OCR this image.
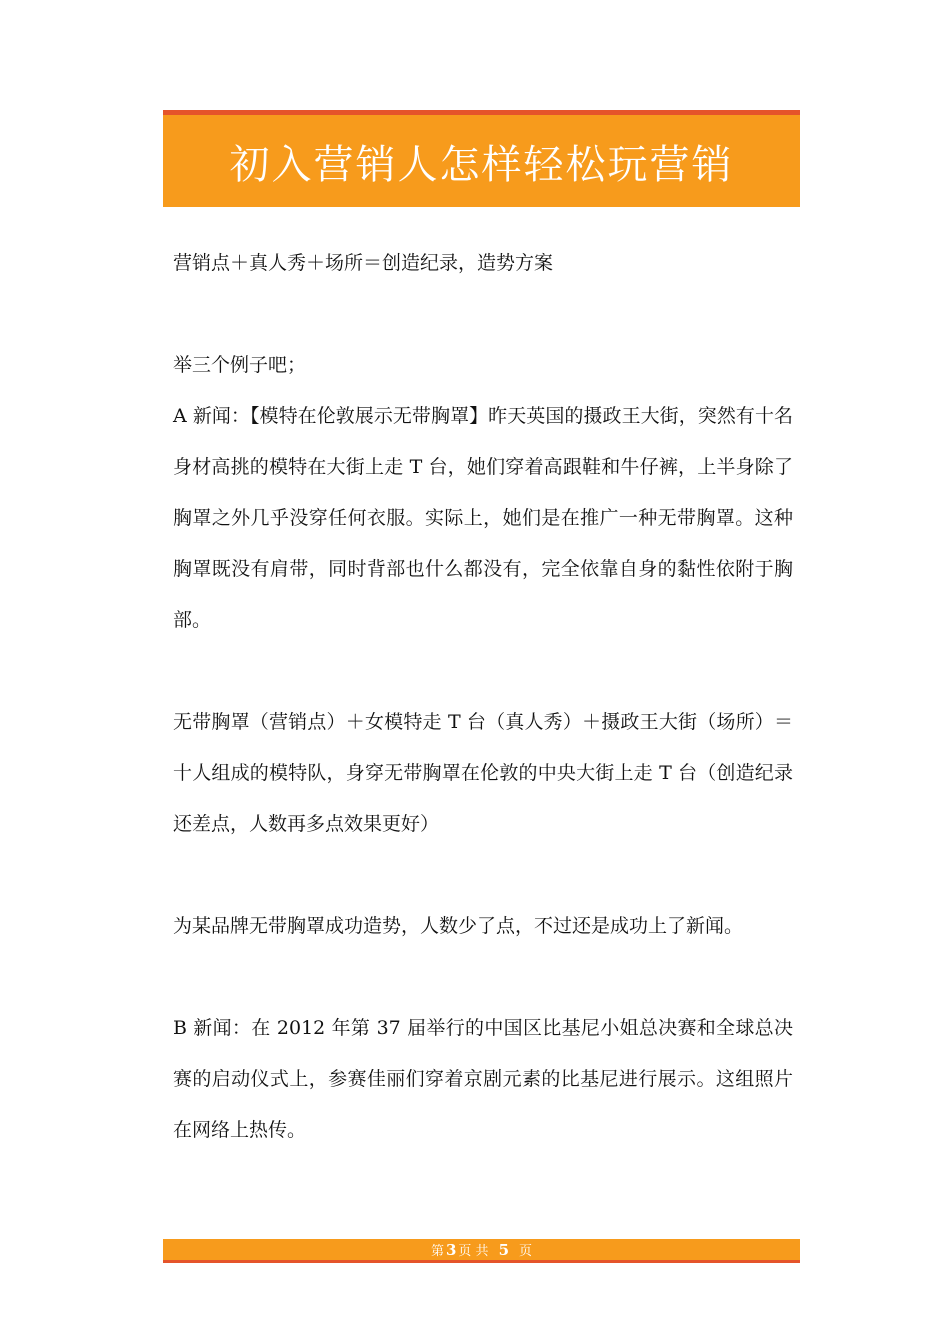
初入营销人怎样轻松玩营销

营销点＋真人秀＋场所＝创造纪录，造势方案

举三个例子吧；

A 新闻：【模特在伦敦展示无带胸罩】昨天英国的摄政王大街，突然有十名身材高挑的模特在大街上走 T 台，她们穿着高跟鞋和牛仔裤，上半身除了胸罩之外几乎没穿任何衣服。实际上，她们是在推广一种无带胸罩。这种胸罩既没有肩带，同时背部也什么都没有，完全依靠自身的黏性依附于胸部。

无带胸罩（营销点）＋女模特走 T 台（真人秀）＋摄政王大街（场所）＝十人组成的模特队，身穿无带胸罩在伦敦的中央大街上走 T 台（创造纪录还差点，人数再多点效果更好）

为某品牌无带胸罩成功造势，人数少了点，不过还是成功上了新闻。

B 新闻：在 2012 年第 37 届举行的中国区比基尼小姐总决赛和全球总决赛的启动仪式上，参赛佳丽们穿着京剧元素的比基尼进行展示。这组照片在网络上热传。

第 3 页 共 5 页
